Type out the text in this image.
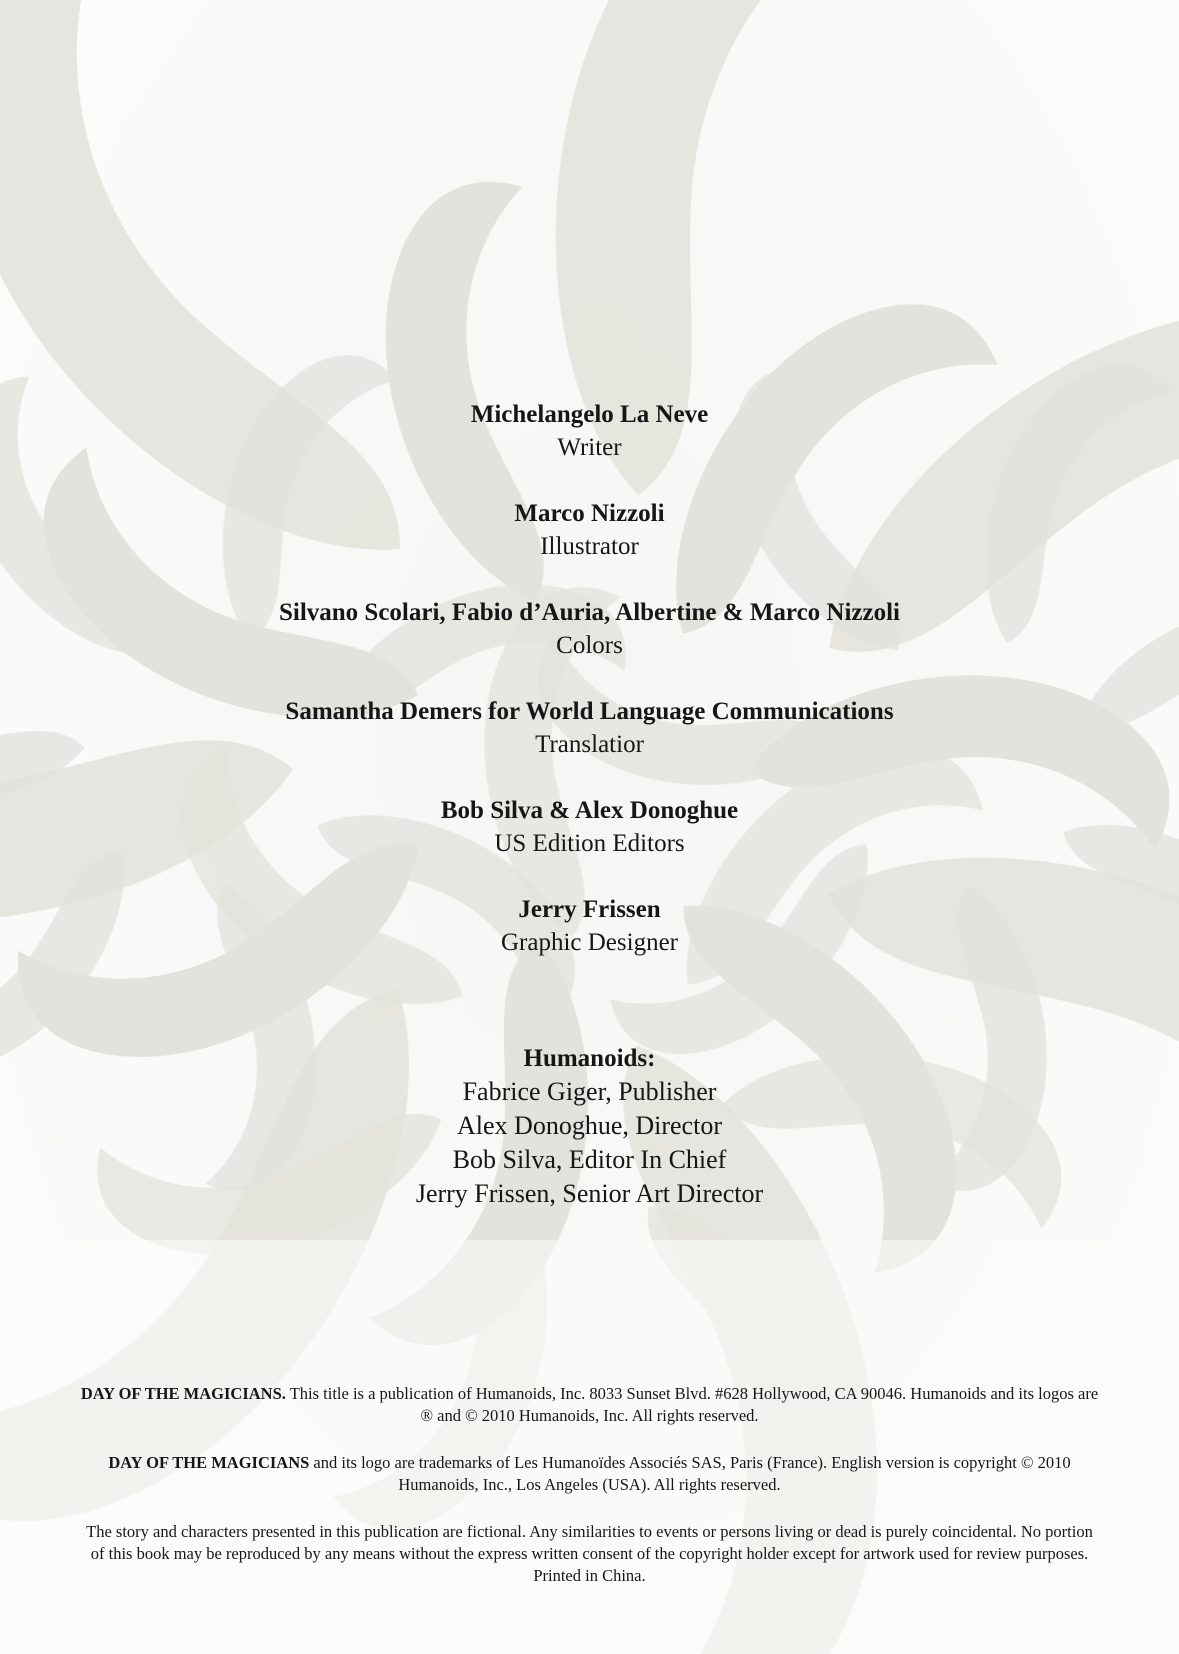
Michelangelo La Neve
Writer
Marco Nizzoli
Illustrator
Silvano Scolari, Fabio d’Auria, Albertine & Marco Nizzoli
Colors
Samantha Demers for World Language Communications
Translatior
Bob Silva & Alex Donoghue
US Edition Editors
Jerry Frissen
Graphic Designer
Humanoids:
Fabrice Giger, Publisher
Alex Donoghue, Director
Bob Silva, Editor In Chief
Jerry Frissen, Senior Art Director

DAY OF THE MAGICIANS. This title is a publication of Humanoids, Inc. 8033 Sunset Blvd. #628 Hollywood, CA 90046. Humanoids and its logos are ® and © 2010 Humanoids, Inc. All rights reserved.

DAY OF THE MAGICIANS and its logo are trademarks of Les Humanoïdes Associés SAS, Paris (France). English version is copyright © 2010 Humanoids, Inc., Los Angeles (USA). All rights reserved.

The story and characters presented in this publication are fictional. Any similarities to events or persons living or dead is purely coincidental. No portion of this book may be reproduced by any means without the express written consent of the copyright holder except for artwork used for review purposes. Printed in China.
